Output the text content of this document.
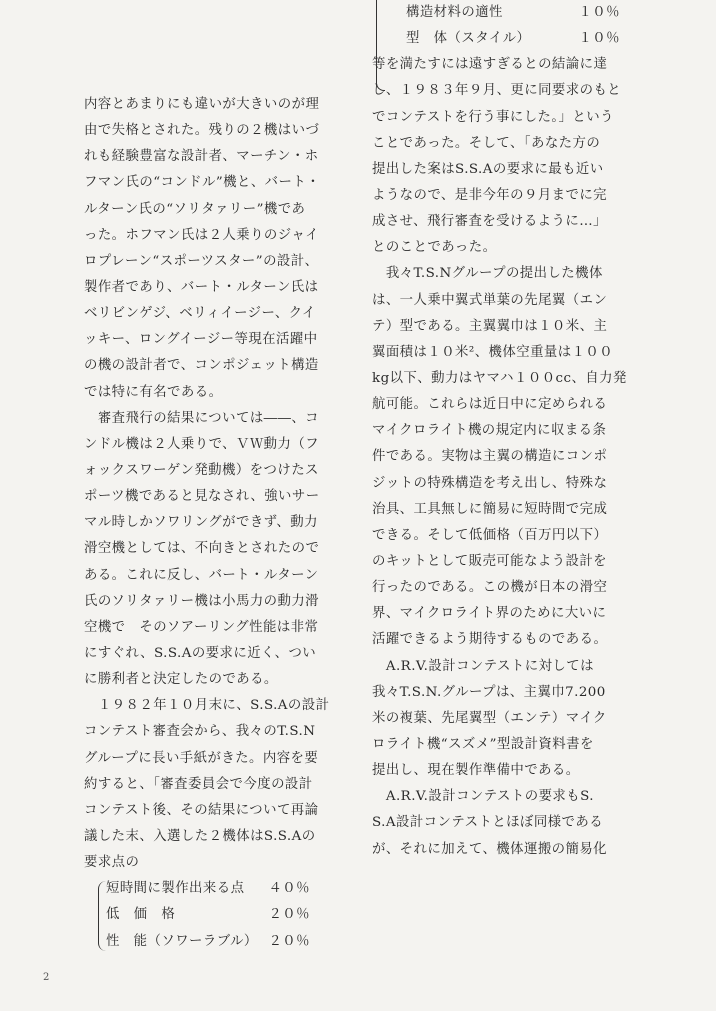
内容とあまりにも違いが大きいのが理
由で失格とされた。残りの２機はいづ
れも経験豊富な設計者、マーチン・ホ
フマン氏の“コンドル”機と、バート・
ルターン氏の“ソリタァリー”機であ
った。ホフマン氏は２人乗りのジャイ
ロプレーン“スポーツスター”の設計、
製作者であり、バート・ルターン氏は
ベリビンゲジ、ベリィイージー、クイ
ッキー、ロングイージー等現在活躍中
の機の設計者で、コンポジェット構造
では特に有名である。
　審査飛行の結果については――、コ
ンドル機は２人乗りで、ＶＷ動力（フ
ォックスワーゲン発動機）をつけたス
ポーツ機であると見なされ、強いサー
マル時しかソワリングができず、動力
滑空機としては、不向きとされたので
ある。これに反し、バート・ルターン
氏のソリタァリー機は小馬力の動力滑
空機で　そのソアーリング性能は非常
にすぐれ、S.S.Aの要求に近く、つい
に勝利者と決定したのである。
　１９８２年１０月末に、S.S.Aの設計
コンテスト審査会から、我々のT.S.N
グループに長い手紙がきた。内容を要
約すると、「審査委員会で今度の設計
コンテスト後、その結果について再論
議した末、入選した２機体はS.S.Aの
要求点の
短時間に製作出来る点 ４０％
低　価　格	２０％
性　能（ソワーラブル） ２０％
構造材料の適性	１０％
型　体（スタイル）	１０％
等を満たすには遠すぎるとの結論に達
し、１９８３年９月、更に同要求のもと
でコンテストを行う事にした。」という
ことであった。そして、「あなた方の
提出した案はS.S.Aの要求に最も近い
ようなので、是非今年の９月までに完
成させ、飛行審査を受けるように…」
とのことであった。
　我々T.S.Nグループの提出した機体
は、一人乗中翼式単葉の先尾翼（エン
テ）型である。主翼翼巾は１０米、主
翼面積は１０米²、機体空重量は１００
kg以下、動力はヤマハ１００cc、自力発
航可能。これらは近日中に定められる
マイクロライト機の規定内に収まる条
件である。実物は主翼の構造にコンポ
ジットの特殊構造を考え出し、特殊な
治具、工具無しに簡易に短時間で完成
できる。そして低価格（百万円以下）
のキットとして販売可能なよう設計を
行ったのである。この機が日本の滑空
界、マイクロライト界のために大いに
活躍できるよう期待するものである。
　A.R.V.設計コンテストに対しては
我々T.S.N.グループは、主翼巾7.200
米の複葉、先尾翼型（エンテ）マイク
ロライト機“スズメ”型設計資料書を
提出し、現在製作準備中である。
　A.R.V.設計コンテストの要求もS.
S.A設計コンテストとほぼ同様である
が、それに加えて、機体運搬の簡易化
2
